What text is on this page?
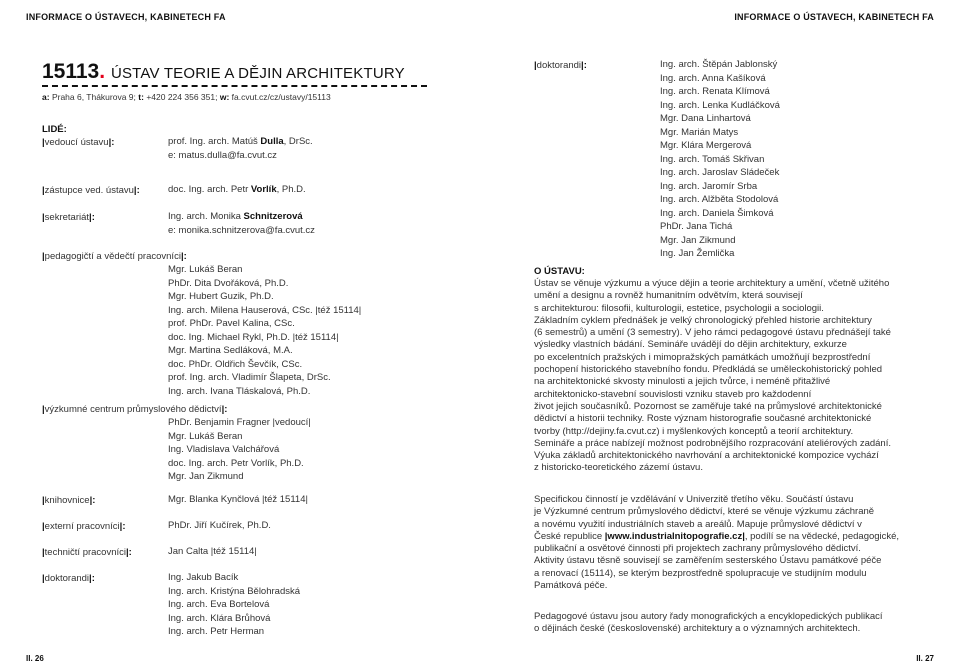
INFORMACE O ÚSTAVECH, KABINETECH FA	INFORMACE O ÚSTAVECH, KABINETECH FA
15113. ÚSTAV TEORIE A DĚJIN ARCHITEKTURY
a: Praha 6, Thákurova 9; t: +420 224 356 351; w: fa.cvut.cz/cz/ustavy/15113
LIDÉ:
|vedoucí ústavu|:	prof. Ing. arch. Matúš Dulla, DrSc.
e: matus.dulla@fa.cvut.cz
|zástupce ved. ústavu|:	doc. Ing. arch. Petr Vorlík, Ph.D.
|sekretariát|:	Ing. arch. Monika Schnitzerová
e: monika.schnitzerova@fa.cvut.cz
|pedagogičtí a vědečtí pracovníci|:
Mgr. Lukáš Beran
PhDr. Dita Dvořáková, Ph.D.
Mgr. Hubert Guzik, Ph.D.
Ing. arch. Milena Hauserová, CSc. |též 15114|
prof. PhDr. Pavel Kalina, CSc.
doc. Ing. Michael Rykl, Ph.D. |též 15114|
Mgr. Martina Sedláková, M.A.
doc. PhDr. Oldřich Ševčík, CSc.
prof. Ing. arch. Vladimír Šlapeta, DrSc.
Ing. arch. Ivana Tláskalová, Ph.D.
|výzkumné centrum průmyslového dědictví|:
PhDr. Benjamin Fragner |vedoucí|
Mgr. Lukáš Beran
Ing. Vladislava Valchářová
doc. Ing. arch. Petr Vorlík, Ph.D.
Mgr. Jan Zikmund
|knihovnice|:	Mgr. Blanka Kynčlová |též 15114|
|externí pracovníci|:	PhDr. Jiří Kučírek, Ph.D.
|techničtí pracovníci|:	Jan Calta |též 15114|
|doktorandi|:	Ing. Jakub Bacík
Ing. arch. Kristýna Bělohradská
Ing. arch. Eva Bortelová
Ing. arch. Klára Brůhová
Ing. arch. Petr Herman
|doktorandi|:	Ing. arch. Štěpán Jablonský
Ing. arch. Anna Kašíková
Ing. arch. Renata Klímová
Ing. arch. Lenka Kudláčková
Mgr. Dana Linhartová
Mgr. Marián Matys
Mgr. Klára Mergerová
Ing. arch. Tomáš Skřivan
Ing. arch. Jaroslav Sládeček
Ing. arch. Jaromír Srba
Ing. arch. Alžběta Stodolová
Ing. arch. Daniela Šimková
PhDr. Jana Tichá
Mgr. Jan Zikmund
Ing. Jan Žemlička
O ÚSTAVU:

Ústav se věnuje výzkumu a výuce dějin a teorie architektury a umění, včetně užitého

umění a designu a rovněž humanitním odvětvím, která souvisejí

s architekturou: filosofii, kulturologii, estetice, psychologii a sociologii.

Základním cyklem přednášek je velký chronologický přehled historie architektury

(6 semestrů) a umění (3 semestry). V jeho rámci pedagogové ústavu přednášejí také

výsledky vlastních bádání. Semináře uvádějí do dějin architektury, exkurze

po excelentních pražských i mimopražských památkách umožňují bezprostřední

pochopení historického stavebního fondu. Předkládá se uměleckohistorický pohled

na architektonické skvosty minulosti a jejich tvůrce, i neméně přitažlivé

architektonicko-stavební souvislosti vzniku staveb pro každodenní

život jejich současníků. Pozornost se zaměřuje také na průmyslové architektonické

dědictví a historii techniky. Roste význam historografie současné architektonické

tvorby (http://dejiny.fa.cvut.cz) i myšlenkových konceptů a teorií architektury.

Semináře a práce nabízejí možnost podrobnějšího rozpracování ateliérových zadání.

Výuka základů architektonického navrhování a architektonické kompozice vychází

z historicko-teoretického zázemí ústavu.

Specifickou činností je vzdělávání v Univerzitě třetího věku. Součástí ústavu

je Výzkumné centrum průmyslového dědictví, které se věnuje výzkumu záchraně

a novému využití industriálních staveb a areálů. Mapuje průmyslové dědictví v

České republice |www.industrialnitopografie.cz|, podílí se na vědecké, pedagogické,

publikační a osvětové činnosti při projektech zachrany průmyslového dědictví.

Aktivity ústavu těsně souvisejí se zaměřením sesterského Ústavu památkové péče

a renovací (15114), se kterým bezprostředně spolupracuje ve studijním modulu

Památková péče.

Pedagogové ústavu jsou autory řady monografických a encyklopedických publikací

o dějinách české (československé) architektury a o významných architektech.

II. 26	II. 27
